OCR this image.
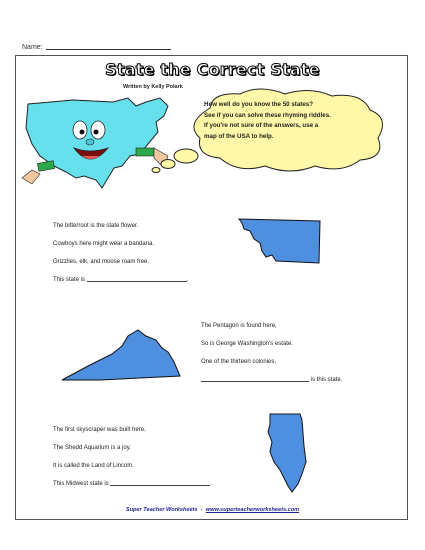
Name:
State the Correct State
Written by Kelly Polark
How well do you know the 50 states?
See if you can solve these rhyming riddles.
If you're not sure of the answers, use a
map of the USA to help.
The bitterroot is the state flower.
Cowboys here might wear a bandana.
Grizzlies, elk, and moose roam free.
This state is	.
The Pentagon is found here,
So is George Washington's estate.
One of the thirteen colonies,
is this state.
The first skyscraper was built here.
The Shedd Aquarium is a joy.
It is called the Land of Lincoln.
This Midwest state is	.
Super Teacher Worksheets - www.superteacherworksheets.com
